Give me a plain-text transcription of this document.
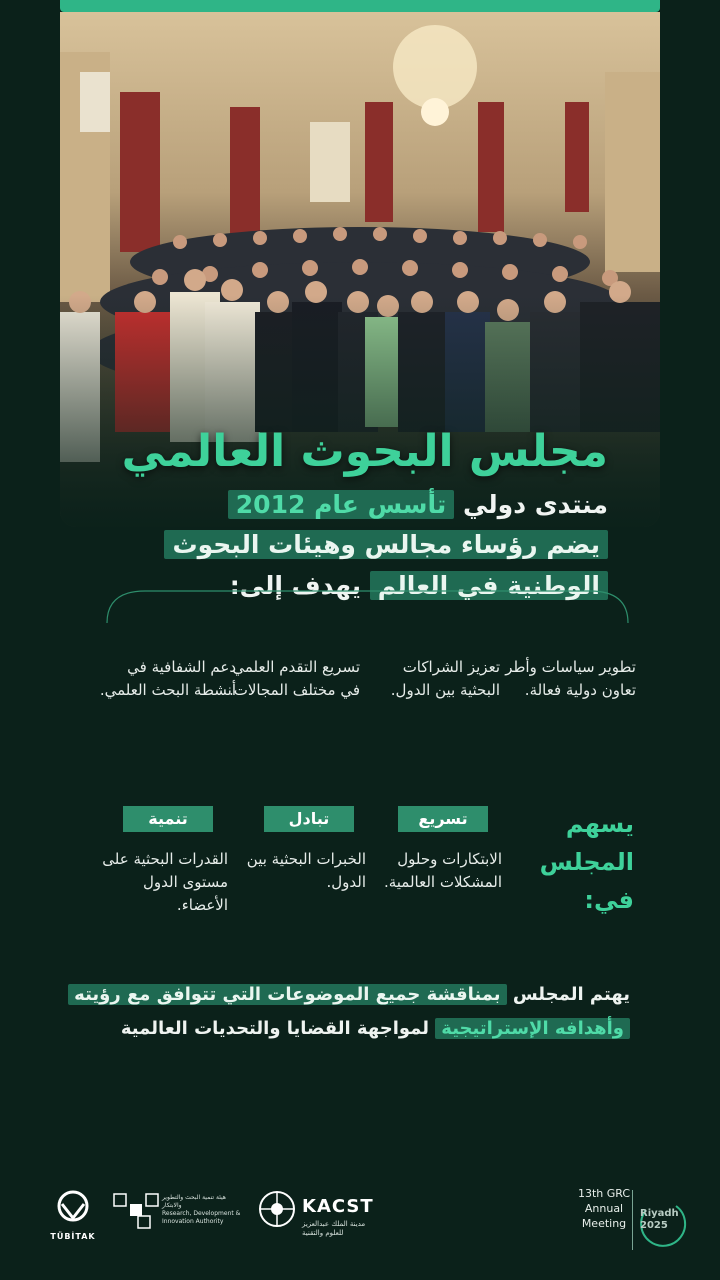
مجلس البحوث العالمي
منتدى دولي تأسس عام 2012
يضم رؤساء مجالس وهيئات البحوث
الوطنية في العالم يهدف إلى:
تطوير سياسات وأطر تعاون دولية فعالة.
تعزيز الشراكات البحثية بين الدول.
تسريع التقدم العلمي في مختلف المجالات.
دعم الشفافية في أنشطة البحث العلمي.
يسهم المجلس في:
تسريع
تبادل
تنمية
الابتكارات وحلول المشكلات العالمية.
الخبرات البحثية بين الدول.
القدرات البحثية على مستوى الدول الأعضاء.
يهتم المجلس بمناقشة جميع الموضوعات التي تتوافق مع رؤيته
وأهدافه الإستراتيجية لمواجهة القضايا والتحديات العالمية
TÜBİTAK
هيئة تنمية البحث والتطوير والابتكار
Research, Development & Innovation Authority
KACST
مدينة الملك عبدالعزيز للعلوم والتقنية
13th GRC Annual Meeting
Riyadh
2025
